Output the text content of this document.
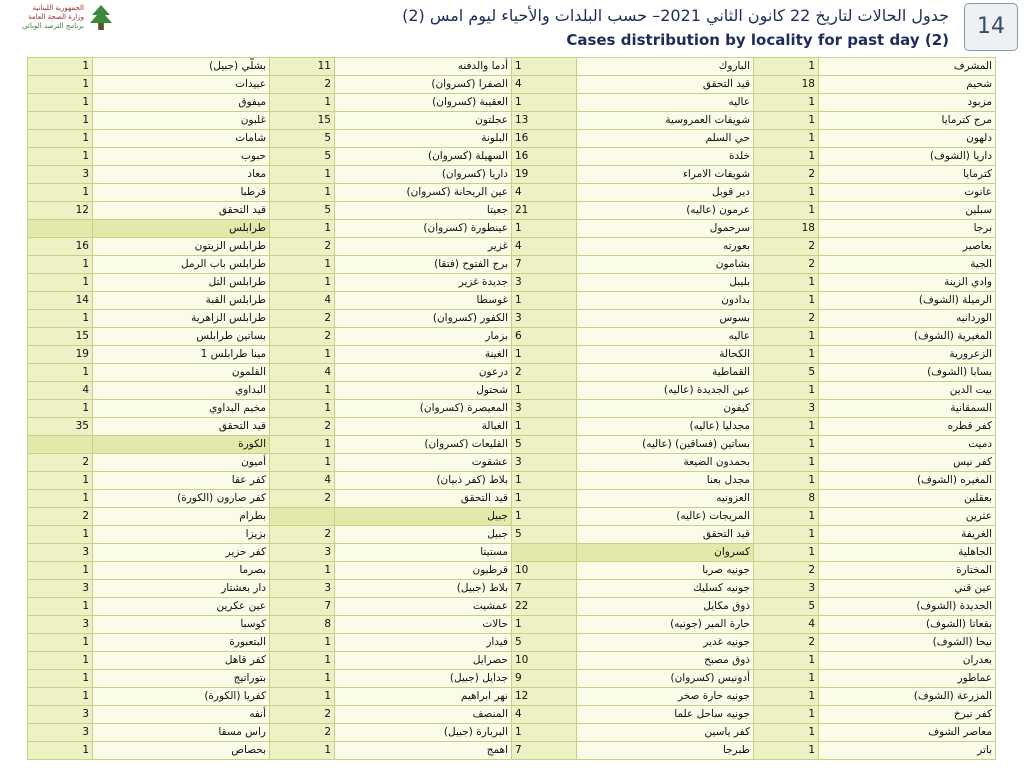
الجمهورية اللبنانية
وزارة الصحة العامة
برنامج الترصد الوبائي
جدول الحالات لتاريخ 22 كانون الثاني 2021– حسب البلدات والأحياء ليوم امس (2)
Cases distribution by locality for past day (2)
14
1	بشلّي (جبيل)	11	أدما والدفنه	1	الباروك	1	المشرف
1	عبيدات	2	الصفرا (كسروان)	4	قيد التحقق	18	شحيم
1	ميفوق	1	العقيبة (كسروان)	1	عاليه	1	مزبود
1	غلبون	15	عجلتون	13	شويفات العمروسية	1	مرج كترمايا
1	شامات	5	البلونة	16	حي السلم	1	دلهون
1	حبوب	5	السهيلة (كسروان)	16	خلدة	1	داريا (الشوف)
3	معاد	1	داريا (كسروان)	19	شويفات الامراء	2	كترمايا
1	قرطبا	1	عين الريحانة (كسروان)	4	دير قوبل	1	عانوت
12	قيد التحقق	5	جعيتا	21	عرمون (عاليه)	1	سبلين
	طرابلس	1	عينطورة (كسروان)	1	سرحمول	18	برجا
16	طرابلس الزيتون	2	غزير	4	بعورته	2	بعاصير
1	طرابلس باب الرمل	1	برج الفتوح (فتقا)	7	بشامون	2	الجية
1	طرابلس التل	1	جديدة غزير	3	بليبل	1	وادي الزينة
14	طرابلس القبة	4	غوسطا	1	بدادون	1	الرميلة (الشوف)
1	طرابلس الزاهرية	2	الكفور (كسروان)	3	بسوس	2	الوردانيه
15	بساتين طرابلس	2	بزمار	6	عاليه	1	المغيرية (الشوف)
19	مينا طرابلس 1	1	الغينة	1	الكحالة	1	الزعرورية
1	القلمون	4	درعون	2	القماطية	5	بسابا (الشوف)
4	البداوي	1	شحتول	1	عين الجديدة (عاليه)	1	بيت الدين
1	مخيم البداوي	1	المعيصرة (كسروان)	3	كيفون	3	السمقانية
35	قيد التحقق	2	الغبالة	1	مجدليا (عاليه)	1	كفر قطره
	الكورة	1	القليعات (كسروان)	5	بساتين (فساقين) (عاليه)	1	دميت
2	أميون	1	عشقوت	3	بحمدون الضيعة	1	كفر نيس
1	كفر عقا	4	بلاط (كفر ذبيان)	1	مجدل بعنا	1	المغيره (الشوف)
1	كفر صارون (الكورة)	2	قيد التحقق	1	العزونيه	8	بعقلين
2	بطرام		جبيل	1	المريجات (عاليه)	1	عثرين
1	بزيزا	2	جبيل	5	قيد التحقق	1	الغريفة
3	كفر حزير	3	مستيتا		كسروان	1	الجاهلية
1	بصرما	1	قرطبون	10	جونيه صربا	2	المختارة
3	دار بعشتار	3	بلاط (جبيل)	7	جونيه كسليك	3	عين قني
1	عين عكرين	7	عمشيت	22	ذوق مكايل	5	الجديدة (الشوف)
3	كوسبا	8	حالات	1	حارة المير (جونيه)	4	بقعاتا (الشوف)
1	البتعبورة	1	فيدار	5	جونيه غدير	2	نيحا (الشوف)
1	كفر قاهل	1	حصرايل	10	ذوق مصبح	1	بعدران
1	بتوراتيج	1	جدايل (جبيل)	9	أدونيس (كسروان)	1	عماطور
1	كفريا (الكورة)	1	نهر ابراهيم	12	جونيه حارة صخر	1	المزرعة (الشوف)
3	أنفه	2	المنصف	4	جونيه ساحل علما	1	كفر نبرخ
3	راس مسقا	2	البربارة (جبيل)	1	كفر ياسين	1	معاصر الشوف
1	بحصاص	1	اهمج	7	طبرجا	1	باتر
